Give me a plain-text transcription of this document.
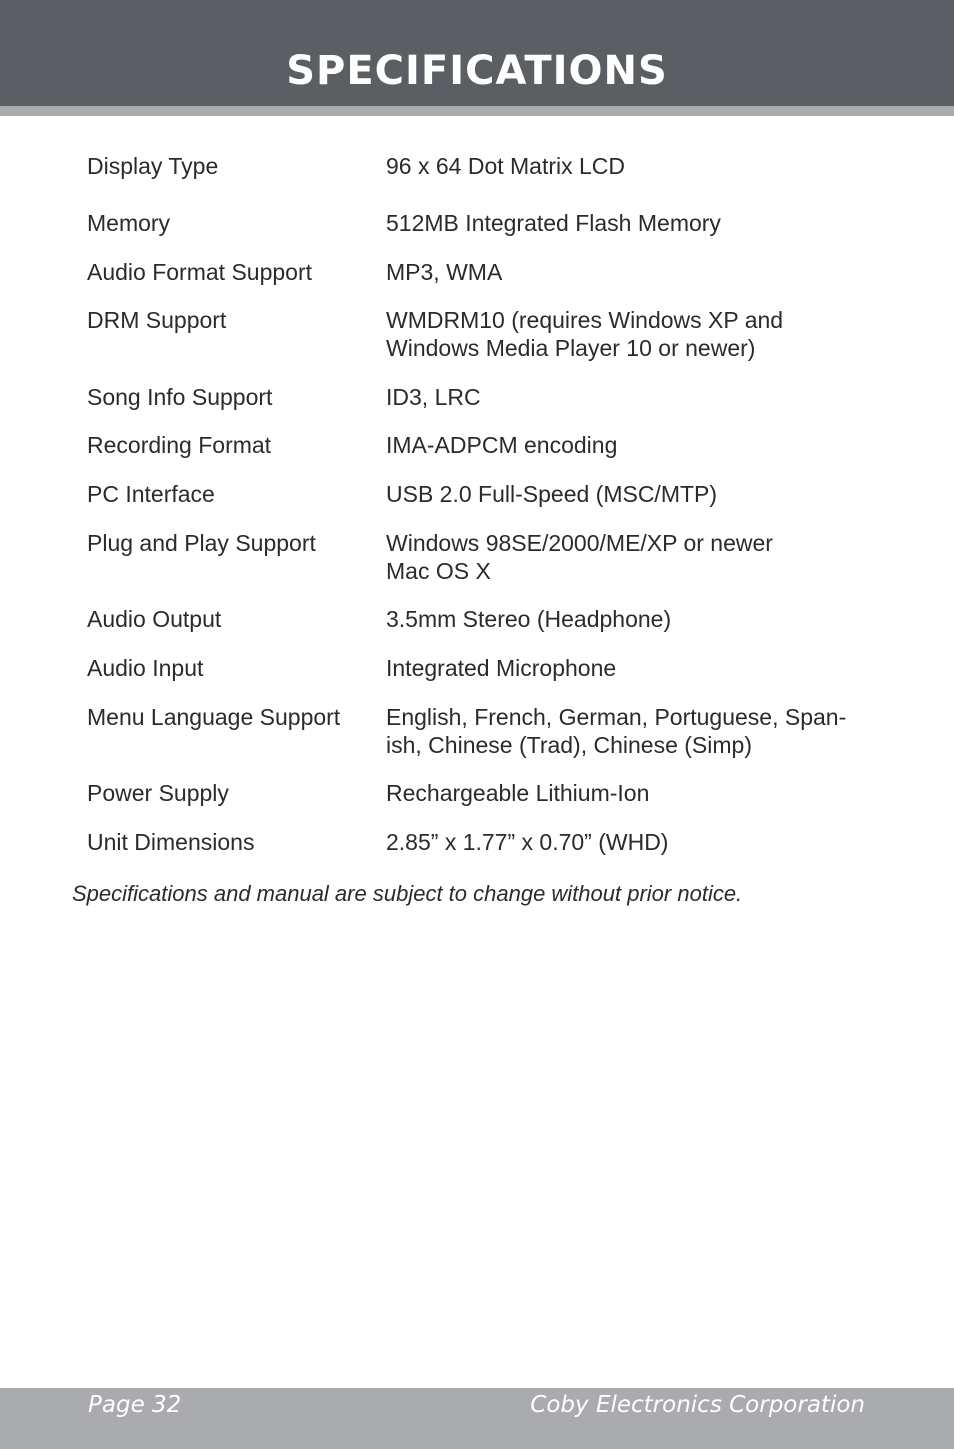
SPECIFICATIONS
Display Type	96 x 64 Dot Matrix LCD
Memory	512MB Integrated Flash Memory
Audio Format Support	MP3, WMA
DRM Support	WMDRM10 (requires Windows XP and
Windows Media Player 10 or newer)
Song Info Support	ID3, LRC
Recording Format	IMA-ADPCM encoding
PC Interface	USB 2.0 Full-Speed (MSC/MTP)
Plug and Play Support	Windows 98SE/2000/ME/XP or newer
Mac OS X
Audio Output	3.5mm Stereo (Headphone)
Audio Input	Integrated Microphone
Menu Language Support	English, French, German, Portuguese, Span-
ish, Chinese (Trad), Chinese (Simp)
Power Supply	Rechargeable Lithium-Ion
Unit Dimensions	2.85” x 1.77” x 0.70” (WHD)
Specifications and manual are subject to change without prior notice.
Page 32	Coby Electronics Corporation
